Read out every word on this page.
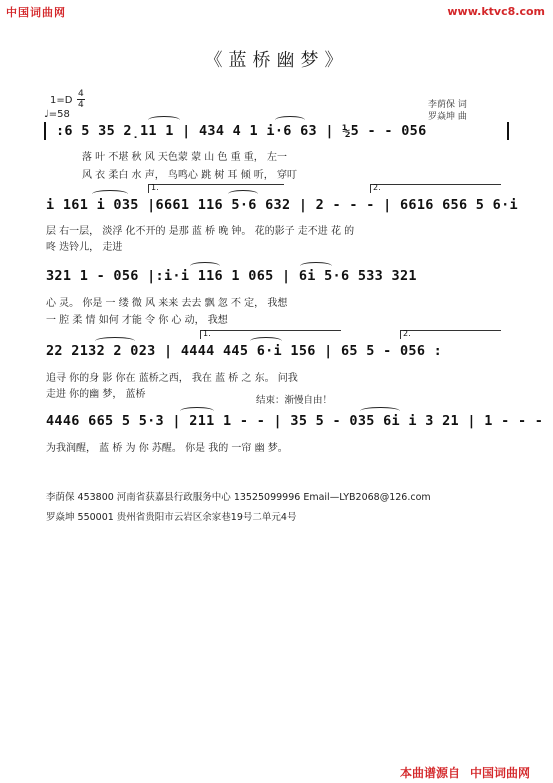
中国词曲网	www.ktvc8.com
《蓝桥幽梦》
李荫保 词
罗焱坤 曲
1=D
4
4
♩=58
:6 5 35 2̣11 1 | 434 4 1 i·6 63 | ½5 - - 056
落 叶 不堪 秋 风 天色蒙 蒙 山 色 重 重， 左一
风 衣 柔白 水 声， 鸟鸣心 跳 树 耳 倾 听， 穿叮
1.	2.
i 161 i 035 |6661 116 5·6 632 | 2 - - - | 6616 656 5 6·i
层 右一层， 淡浮 化不开的 是那 蓝 桥 晚 钟。 花的影子 走不进 花 的
咚 迭铃儿， 走进
321 1 - 056 |:i·i 116 1 065 | 6i 5·6 533 321
心 灵。 你是 一 缕 微 风 来来 去去 飘 忽 不 定， 我想
一 腔 柔 情 如何 才能 令 你 心 动， 我想
1.	2.
22 2132 2 023 | 4444 445 6·i 156 | 65 5 - 056 :
追寻 你的身 影 你在 蓝桥之西， 我在 蓝 桥 之 东。 问我
走进 你的幽 梦， 蓝桥
结束：渐慢自由！
4446 665 5 5·3 | 211 1 - - | 35 5 - 035 6i i 3 21 | 1 - - -
为我润醒， 蓝 桥 为 你 苏醒。 你是 我的 一帘 幽 梦。
李荫保 453800 河南省获嘉县行政服务中心 13525099996 Email—LYB2068@126.com
罗焱坤 550001 贵州省贵阳市云岩区余家巷19号二单元4号
本曲谱源自 中国词曲网
